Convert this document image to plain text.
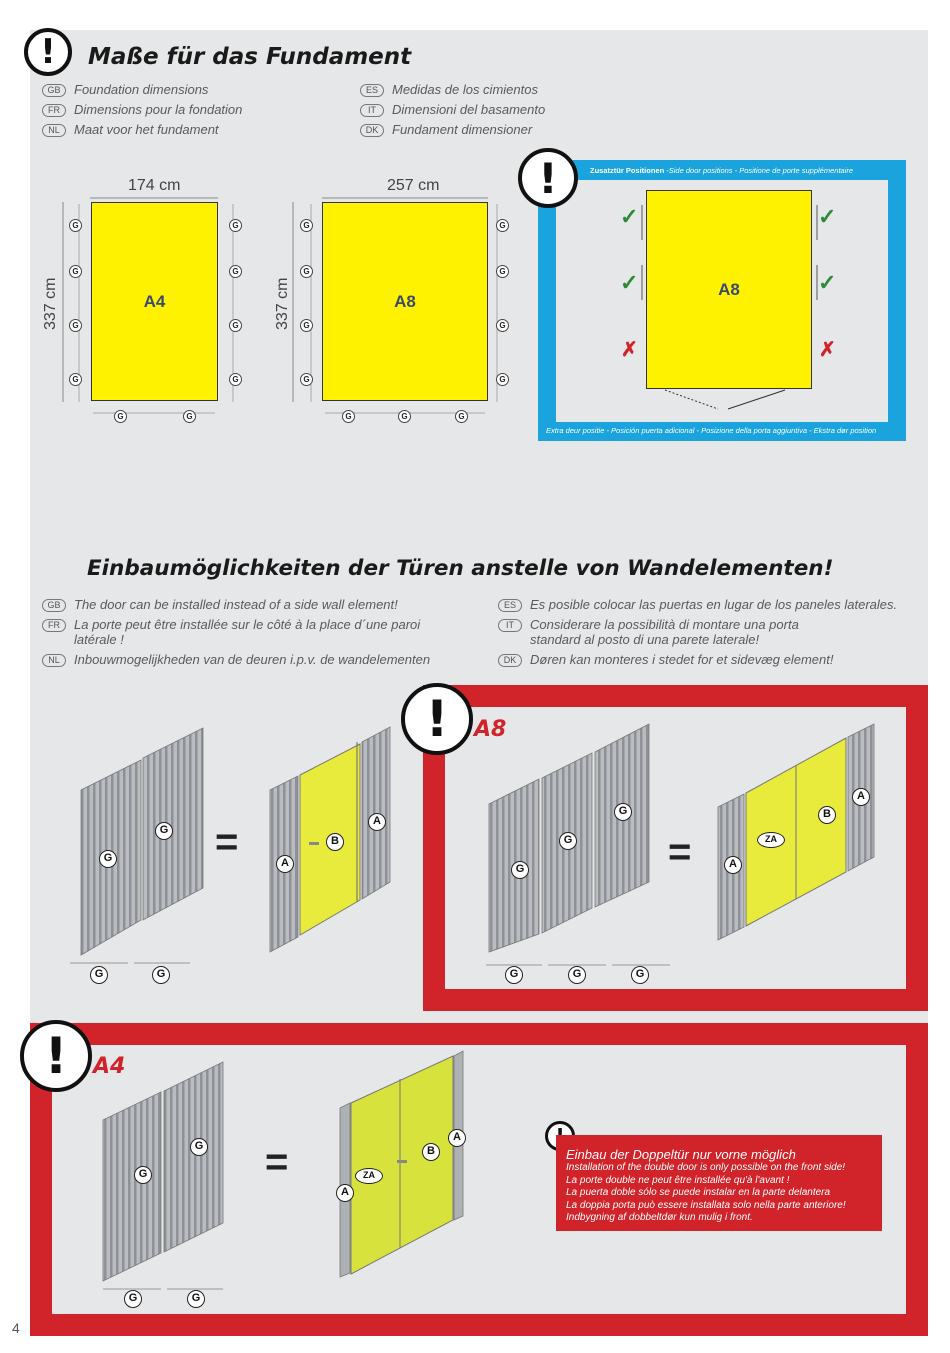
! Maße für das Fundament
GB	Foundation dimensions
FR	Dimensions pour la fondation
NL	Maat voor het fundament
ES	Medidas de los cimientos
IT	Dimensioni del basamento
DK	Fundament dimensioner
174 cm
337 cm	A4
G
G
G
G
G
G
G
G
G	G
257 cm
337 cm	A8
G
G
G
G
G
G
G
G
G	G	G
Zusatztür Positionen -Side door positions - Positione de porte supplémentaire
Extra deur positie - Posición puerta adicional - Posizione della porta aggiuntiva - Ekstra dør position
!
A8
✓
✓
✗
✓
✓
✗
Einbaumöglichkeiten der Türen anstelle von Wandelementen!
GB	The door can be installed instead of a side wall element!
FR	La porte peut être installée sur le côté à la place d´une paroi latérale !
NL	Inbouwmogelijkheden van de deuren i.p.v. de wandelementen
ES	Es posible colocar las puertas en lugar de los paneles laterales.
IT	Considerare la possibilità di montare una porta standard al posto di una parete laterale!
DK	Døren kan monteres i stedet for et sidevæg element!
G
G
G	G
=	A
B
A
! A8
G
G
G
G	G	G
=	A
ZA
B
A
! A4
G
G
G	G
=
A
ZA
B
A
Einbau der Doppeltür nur vorne möglich
Installation of the double door is only possible on the front side!
La porte double ne peut être installée qu'à l'avant !
La puerta doble sólo se puede instalar en la parte delantera
La doppia porta può essere installata solo nella parte anteriore!
Indbygning af dobbeltdør kun mulig i front.
4
